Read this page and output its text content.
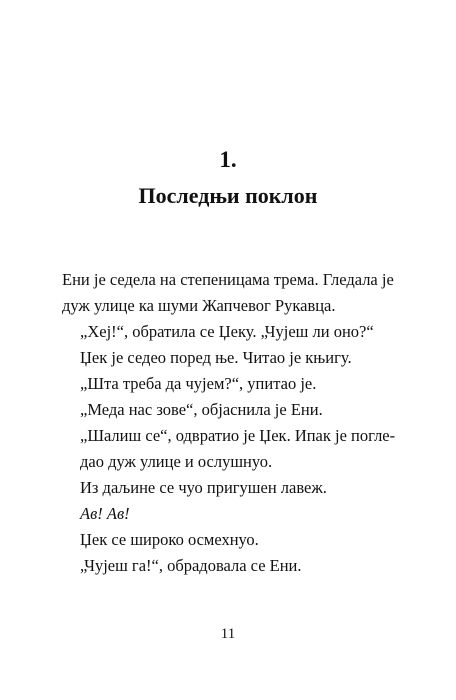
1.
Последњи поклон
Ени је седела на степеницама трема. Гледала је
дуж улице ка шуми Жапчевог Рукавца.
„Хеј!“, обратила се Џеку. „Чујеш ли оно?“
Џек је седео поред ње. Читао је књигу.
„Шта треба да чујем?“, упитао је.
„Меда нас зове“, објаснила је Ени.
„Шалиш се“, одвратио је Џек. Ипак је погле-
дао дуж улице и ослушнуо.
Из даљине се чуо пригушен лавеж.
Ав! Ав!
Џек се широко осмехнуо.
„Чујеш га!“, обрадовала се Ени.
11
